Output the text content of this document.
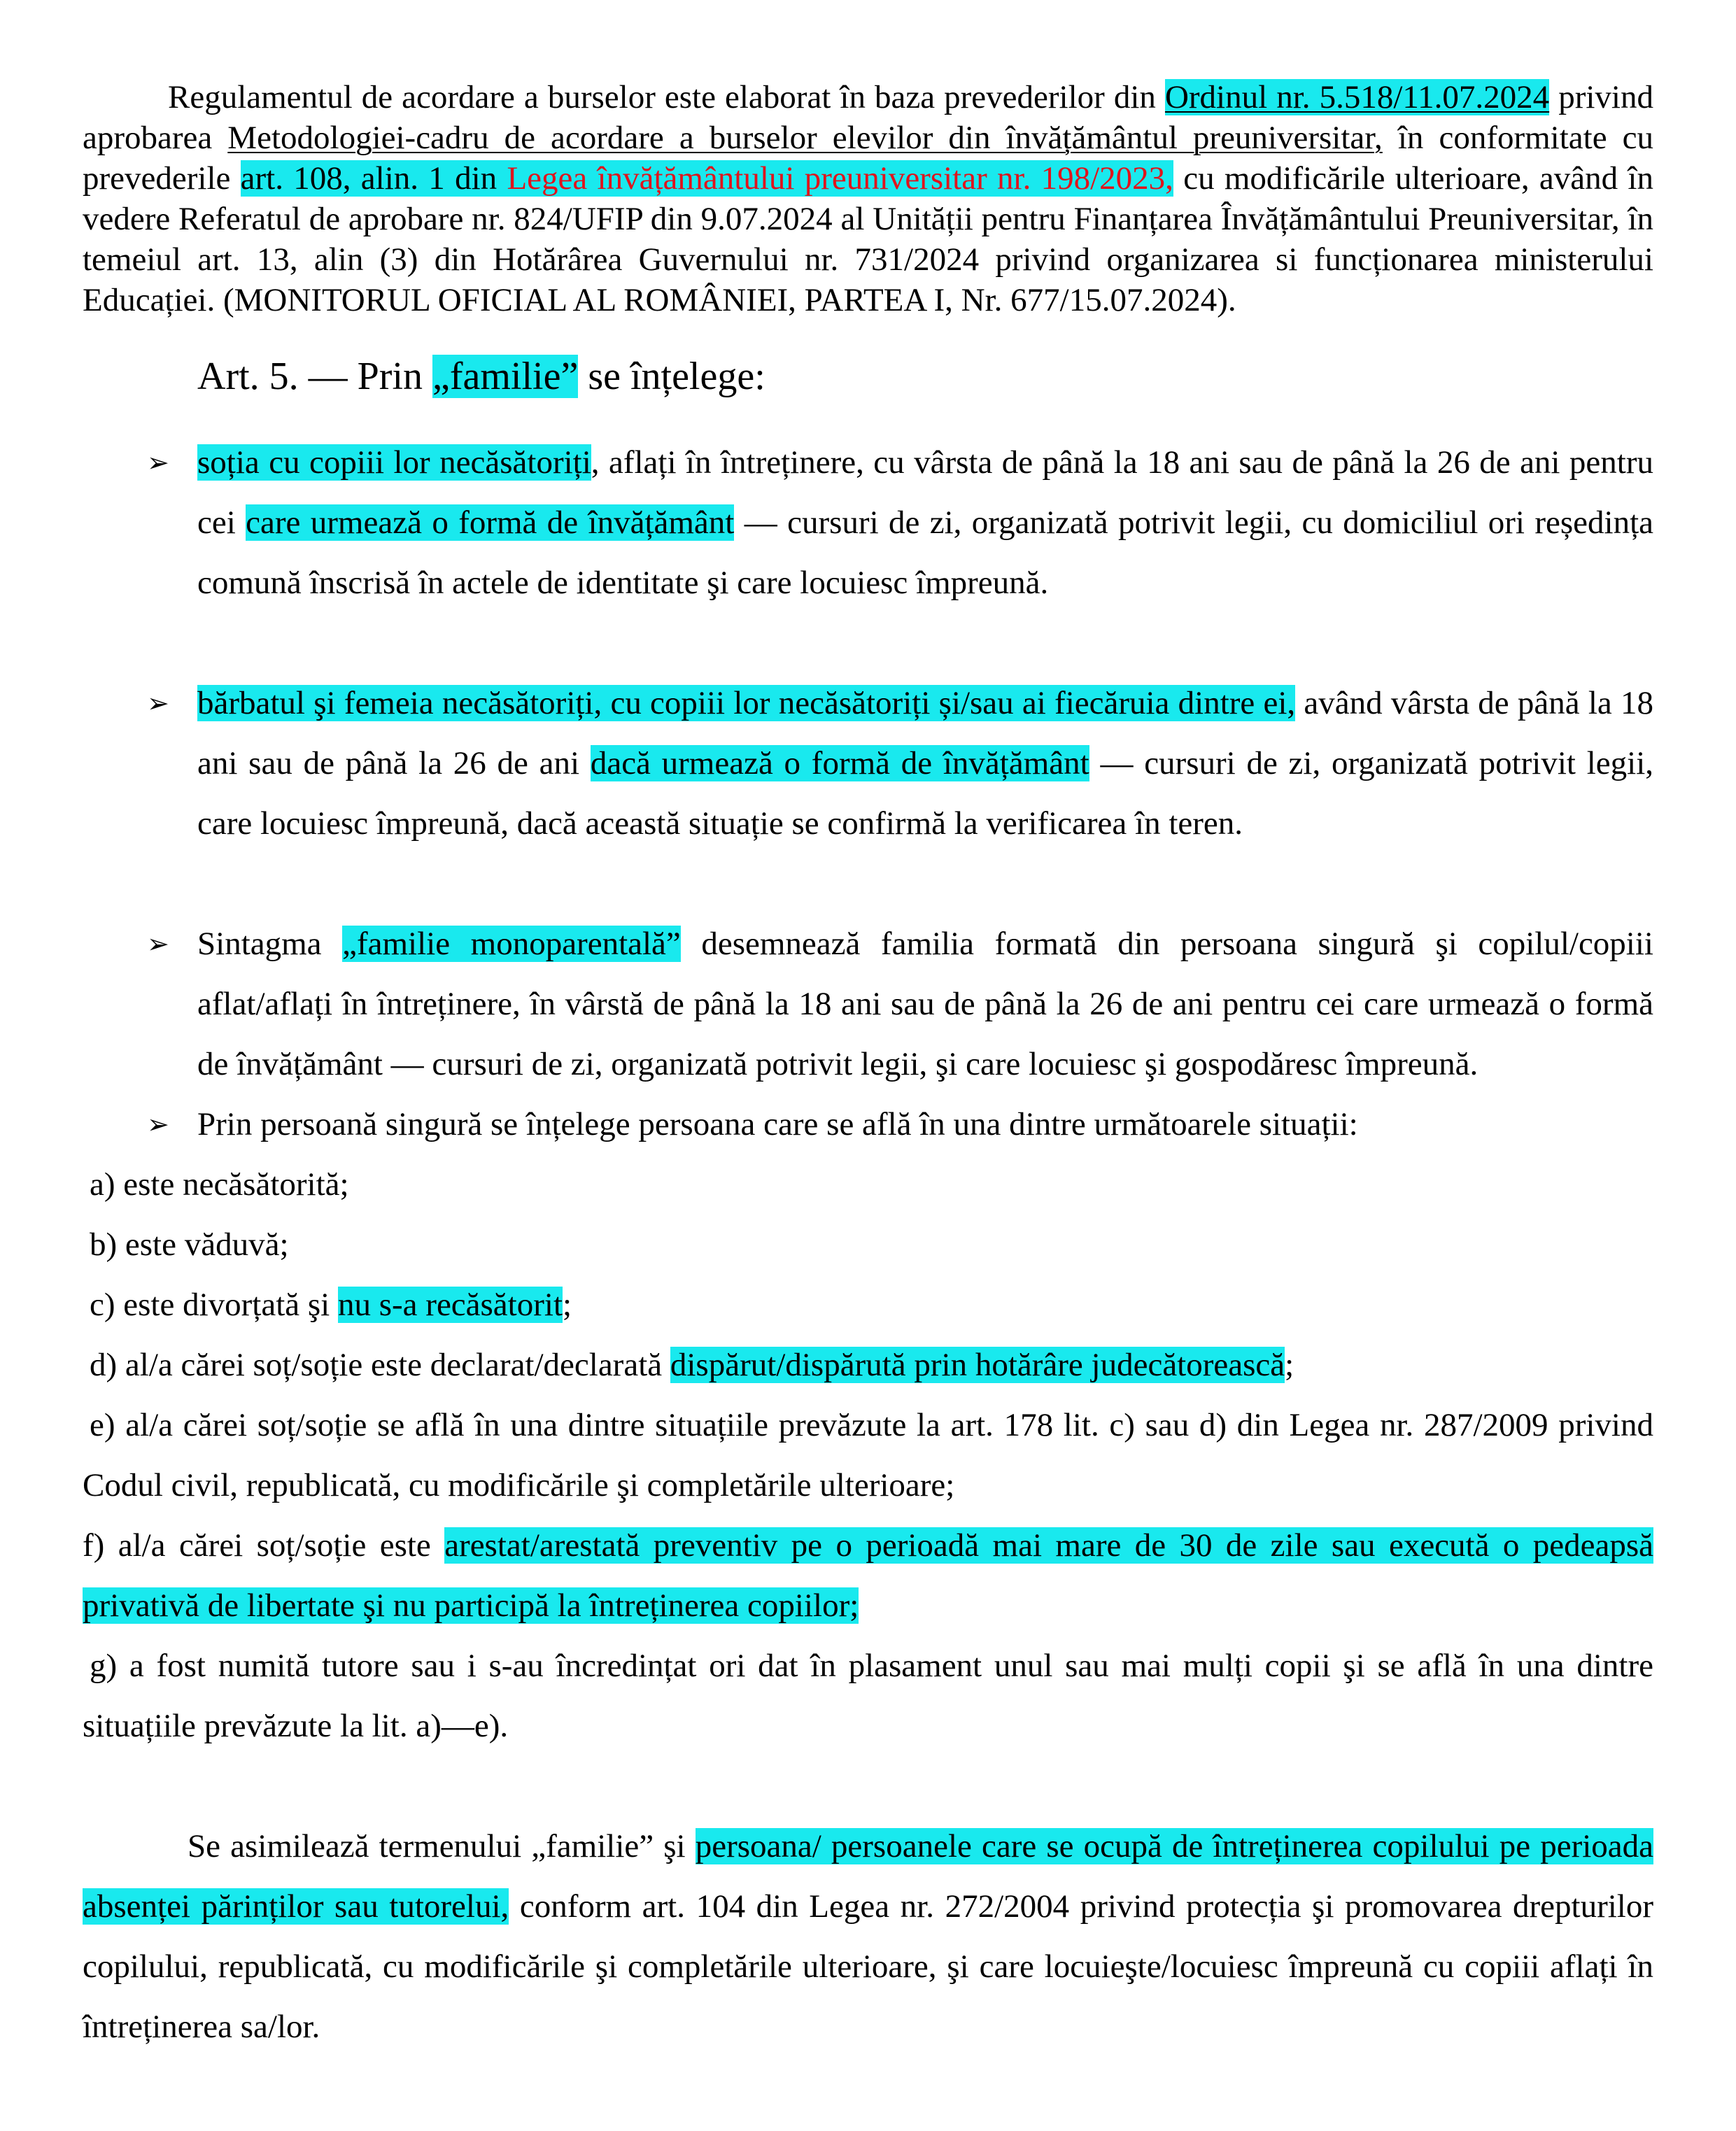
Regulamentul de acordare a burselor este elaborat în baza prevederilor din Ordinul nr. 5.518/11.07.2024 privind aprobarea Metodologiei-cadru de acordare a burselor elevilor din învățământul preuniversitar, în conformitate cu prevederile art. 108, alin. 1 din Legea învățământului preuniversitar nr. 198/2023, cu modificările ulterioare, având în vedere Referatul de aprobare nr. 824/UFIP din 9.07.2024 al Unității pentru Finanțarea Învățământului Preuniversitar, în temeiul art. 13, alin (3) din Hotărârea Guvernului nr. 731/2024 privind organizarea si funcționarea ministerului Educației. (MONITORUL OFICIAL AL ROMÂNIEI, PARTEA I, Nr. 677/15.07.2024).

Art. 5. — Prin „familie” se înțelege:

➢ soția cu copiii lor necăsătoriți, aflați în întreținere, cu vârsta de până la 18 ani sau de până la 26 de ani pentru cei care urmează o formă de învățământ — cursuri de zi, organizată potrivit legii, cu domiciliul ori reședința comună înscrisă în actele de identitate şi care locuiesc împreună.

➢ bărbatul şi femeia necăsătoriți, cu copiii lor necăsătoriți și/sau ai fiecăruia dintre ei, având vârsta de până la 18 ani sau de până la 26 de ani dacă urmează o formă de învățământ — cursuri de zi, organizată potrivit legii, care locuiesc împreună, dacă această situație se confirmă la verificarea în teren.

➢ Sintagma „familie monoparentală” desemnează familia formată din persoana singură şi copilul/copiii aflat/aflați în întreținere, în vârstă de până la 18 ani sau de până la 26 de ani pentru cei care urmează o formă de învățământ — cursuri de zi, organizată potrivit legii, şi care locuiesc şi gospodăresc împreună.

➢ Prin persoană singură se înțelege persoana care se află în una dintre următoarele situații:

a) este necăsătorită;

b) este văduvă;

c) este divorțată şi nu s-a recăsătorit;

d) al/a cărei soț/soție este declarat/declarată dispărut/dispărută prin hotărâre judecătorească;

e) al/a cărei soț/soție se află în una dintre situațiile prevăzute la art. 178 lit. c) sau d) din Legea nr. 287/2009 privind Codul civil, republicată, cu modificările şi completările ulterioare;

f) al/a cărei soț/soție este arestat/arestată preventiv pe o perioadă mai mare de 30 de zile sau execută o pedeapsă privativă de libertate şi nu participă la întreținerea copiilor;

g) a fost numită tutore sau i s-au încredințat ori dat în plasament unul sau mai mulți copii şi se află în una dintre situațiile prevăzute la lit. a)—e).

Se asimilează termenului „familie” şi persoana/ persoanele care se ocupă de întreținerea copilului pe perioada absenței părinților sau tutorelui, conform art. 104 din Legea nr. 272/2004 privind protecția şi promovarea drepturilor copilului, republicată, cu modificările şi completările ulterioare, şi care locuieşte/locuiesc împreună cu copiii aflați în întreținerea sa/lor.
